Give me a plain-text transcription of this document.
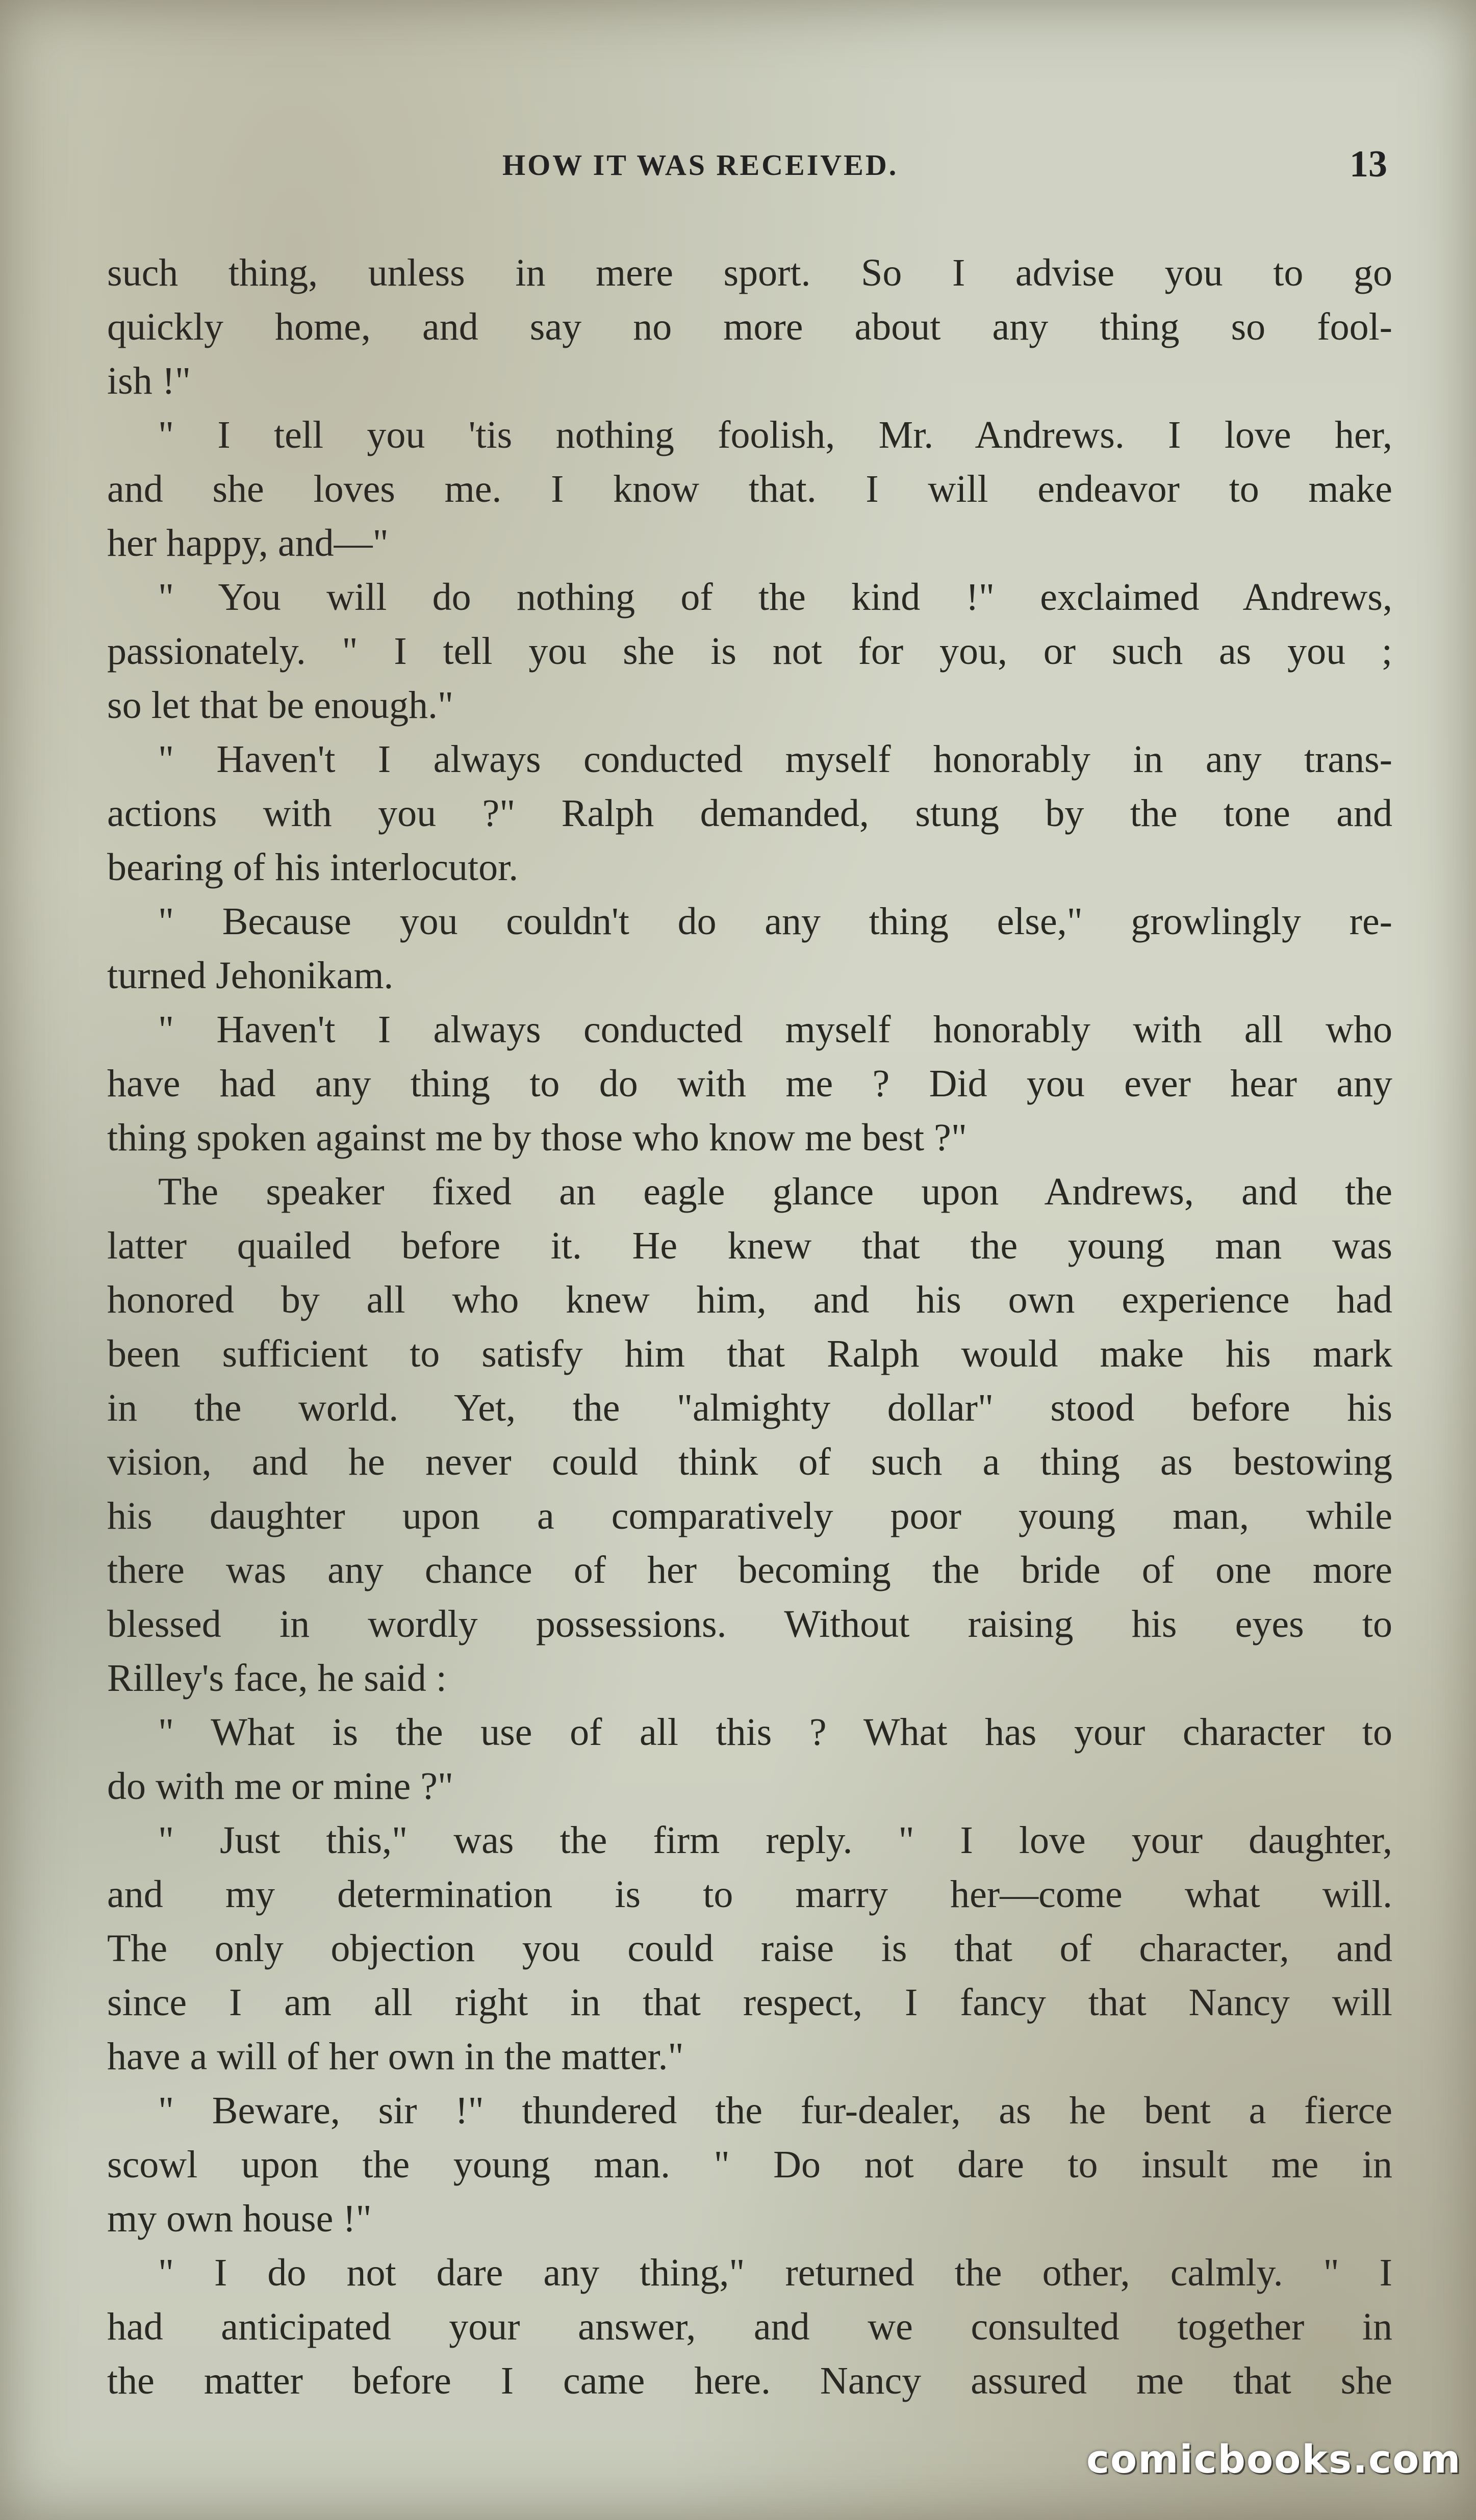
HOW IT WAS RECEIVED.	13
such thing, unless in mere sport. So I advise you to go
quickly home, and say no more about any thing so fool-
ish !"
" I tell you 'tis nothing foolish, Mr. Andrews. I love her,
and she loves me. I know that. I will endeavor to make
her happy, and—"
" You will do nothing of the kind !" exclaimed Andrews,
passionately. " I tell you she is not for you, or such as you ;
so let that be enough."
" Haven't I always conducted myself honorably in any trans-
actions with you ?" Ralph demanded, stung by the tone and
bearing of his interlocutor.
" Because you couldn't do any thing else," growlingly re-
turned Jehonikam.
" Haven't I always conducted myself honorably with all who
have had any thing to do with me ? Did you ever hear any
thing spoken against me by those who know me best ?"
The speaker fixed an eagle glance upon Andrews, and the
latter quailed before it. He knew that the young man was
honored by all who knew him, and his own experience had
been sufficient to satisfy him that Ralph would make his mark
in the world. Yet, the "almighty dollar" stood before his
vision, and he never could think of such a thing as bestowing
his daughter upon a comparatively poor young man, while
there was any chance of her becoming the bride of one more
blessed in wordly possessions. Without raising his eyes to
Rilley's face, he said :
" What is the use of all this ? What has your character to
do with me or mine ?"
" Just this," was the firm reply. " I love your daughter,
and my determination is to marry her—come what will.
The only objection you could raise is that of character, and
since I am all right in that respect, I fancy that Nancy will
have a will of her own in the matter."
" Beware, sir !" thundered the fur-dealer, as he bent a fierce
scowl upon the young man. " Do not dare to insult me in
my own house !"
" I do not dare any thing," returned the other, calmly. " I
had anticipated your answer, and we consulted together in
the matter before I came here. Nancy assured me that she
comicbooks.com
